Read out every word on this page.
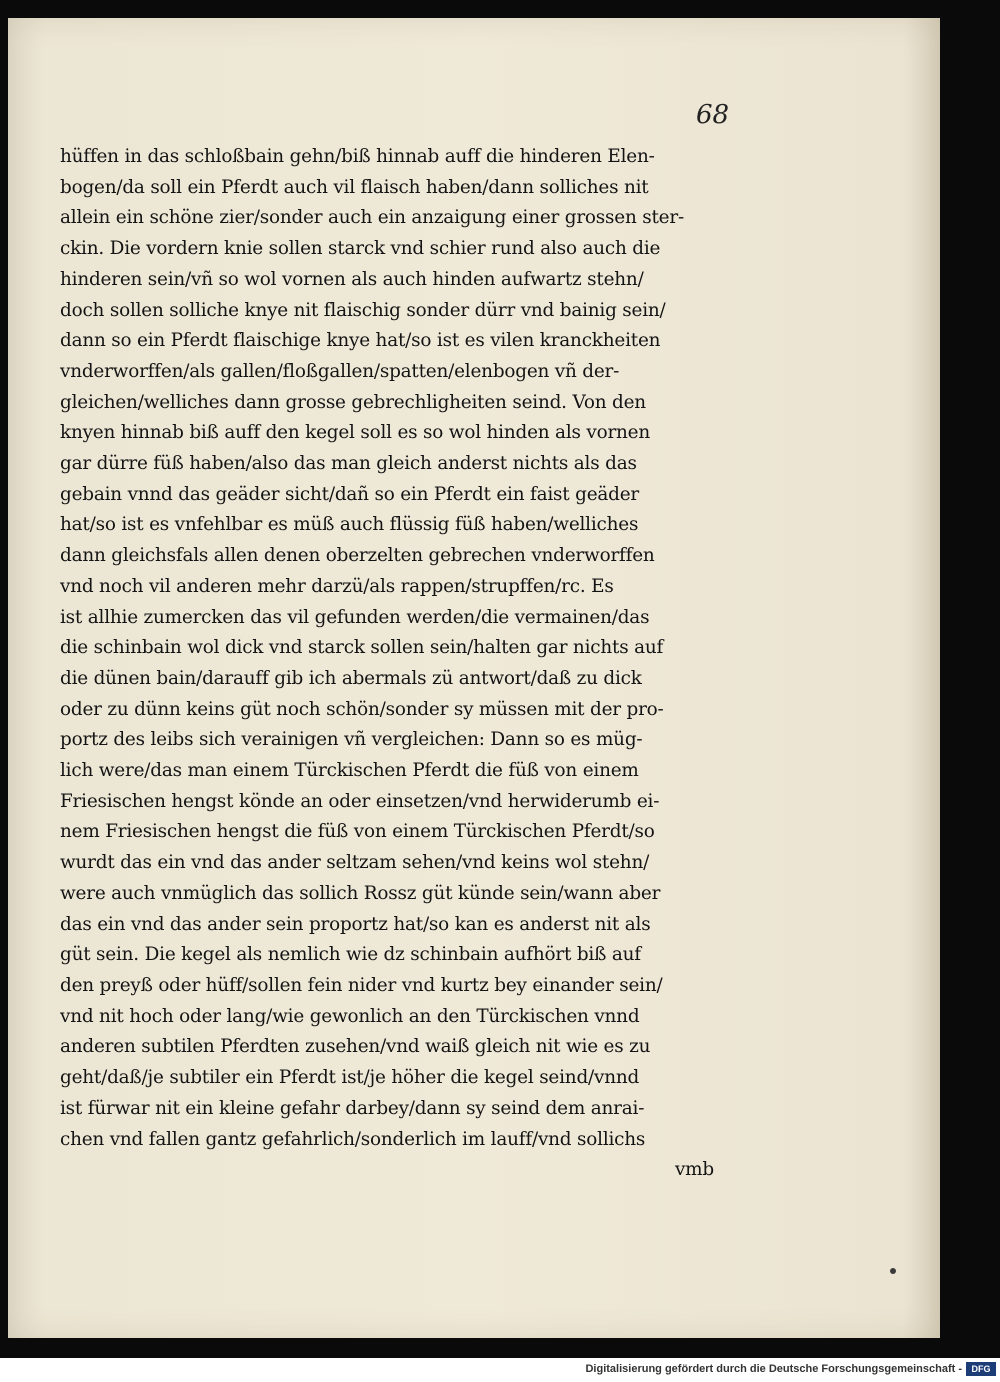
68
hüffen in das schloßbain gehn/biß hinnab auff die hinderen Elen-
bogen/da soll ein Pferdt auch vil flaisch haben/dann solliches nit
allein ein schöne zier/sonder auch ein anzaigung einer grossen ster-
ckin. Die vordern knie sollen starck vnd schier rund also auch die
hinderen sein/vñ so wol vornen als auch hinden aufwartz stehn/
doch sollen solliche knye nit flaischig sonder dürr vnd bainig sein/
dann so ein Pferdt flaischige knye hat/so ist es vilen kranckheiten
vnderworffen/als gallen/floßgallen/spatten/elenbogen vñ der-
gleichen/welliches dann grosse gebrechligheiten seind. Von den
knyen hinnab biß auff den kegel soll es so wol hinden als vornen
gar dürre füß haben/also das man gleich anderst nichts als das
gebain vnnd das geäder sicht/dañ so ein Pferdt ein faist geäder
hat/so ist es vnfehlbar es müß auch flüssig füß haben/welliches
dann gleichsfals allen denen oberzelten gebrechen vnderworffen
vnd noch vil anderen mehr darzü/als rappen/strupffen/rc. Es
ist allhie zumercken das vil gefunden werden/die vermainen/das
die schinbain wol dick vnd starck sollen sein/halten gar nichts auf
die dünen bain/darauff gib ich abermals zü antwort/daß zu dick
oder zu dünn keins güt noch schön/sonder sy müssen mit der pro-
portz des leibs sich verainigen vñ vergleichen: Dann so es müg-
lich were/das man einem Türckischen Pferdt die füß von einem
Friesischen hengst könde an oder einsetzen/vnd herwiderumb ei-
nem Friesischen hengst die füß von einem Türckischen Pferdt/so
wurdt das ein vnd das ander seltzam sehen/vnd keins wol stehn/
were auch vnmüglich das sollich Rossz güt künde sein/wann aber
das ein vnd das ander sein proportz hat/so kan es anderst nit als
güt sein. Die kegel als nemlich wie dz schinbain aufhört biß auf
den preyß oder hüff/sollen fein nider vnd kurtz bey einander sein/
vnd nit hoch oder lang/wie gewonlich an den Türckischen vnnd
anderen subtilen Pferdten zusehen/vnd waiß gleich nit wie es zu
geht/daß/je subtiler ein Pferdt ist/je höher die kegel seind/vnnd
ist fürwar nit ein kleine gefahr darbey/dann sy seind dem anrai-
chen vnd fallen gantz gefahrlich/sonderlich im lauff/vnd sollichs
vmb
Digitalisierung gefördert durch die Deutsche Forschungsgemeinschaft -	DFG
